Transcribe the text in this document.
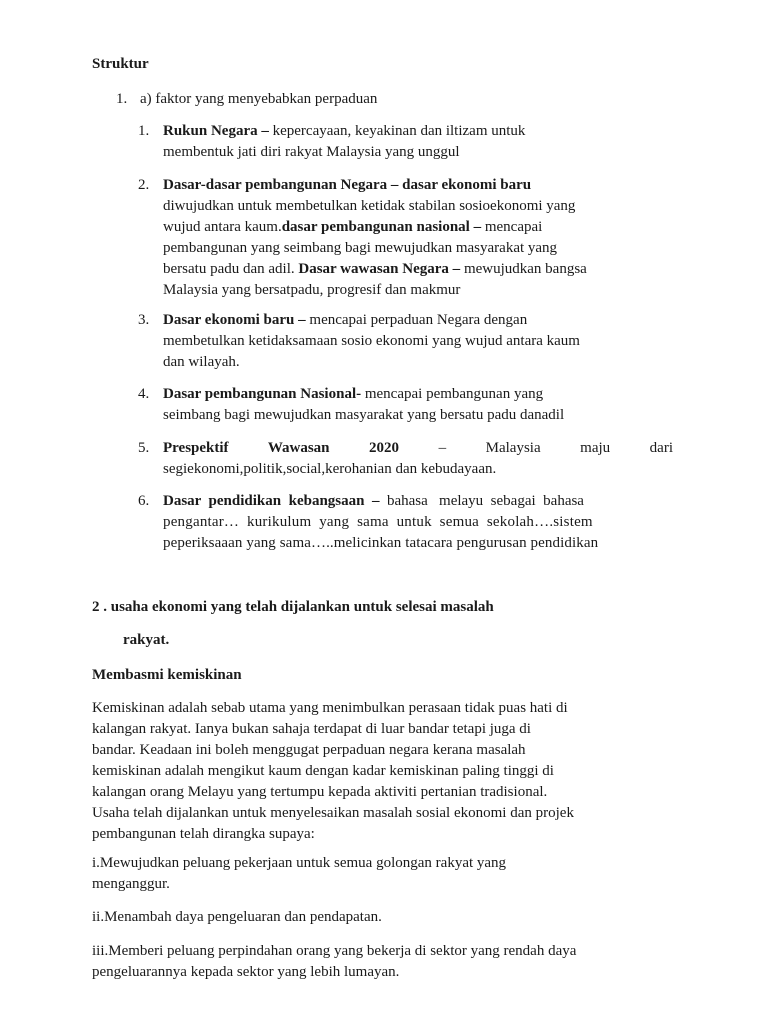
Struktur
1. a) faktor yang menyebabkan perpaduan
1. Rukun Negara – kepercayaan, keyakinan dan iltizam untuk
membentuk jati diri rakyat Malaysia yang unggul
2. Dasar-dasar pembangunan Negara – dasar ekonomi baru
diwujudkan untuk membetulkan ketidak stabilan sosioekonomi yang
wujud antara kaum.dasar pembangunan nasional – mencapai
pembangunan yang seimbang bagi mewujudkan masyarakat yang
bersatu padu dan adil. Dasar wawasan Negara – mewujudkan bangsa
Malaysia yang bersatpadu, progresif dan makmur
3. Dasar ekonomi baru – mencapai perpaduan Negara dengan
membetulkan ketidaksamaan sosio ekonomi yang wujud antara kaum
dan wilayah.
4. Dasar pembangunan Nasional- mencapai pembangunan yang
seimbang bagi mewujudkan masyarakat yang bersatu padu danadil
5. Prespektif   Wawasan   2020   –   Malaysia   maju   dari
segiekonomi,politik,social,kerohanian dan kebudayaan.
6. Dasar  pendidikan  kebangsaan  –  bahasa   melayu  sebagai  bahasa
pengantar…  kurikulum  yang  sama  untuk  semua  sekolah….sistem
peperiksaaan yang sama…..melicinkan tatacara pengurusan pendidikan
2 . usaha ekonomi yang telah dijalankan untuk selesai masalah
rakyat.
Membasmi kemiskinan
Kemiskinan adalah sebab utama yang menimbulkan perasaan tidak puas hati di
kalangan rakyat. Ianya bukan sahaja terdapat di luar bandar tetapi juga di
bandar. Keadaan ini boleh menggugat perpaduan negara kerana masalah
kemiskinan adalah mengikut kaum dengan kadar kemiskinan paling tinggi di
kalangan orang Melayu yang tertumpu kepada aktiviti pertanian tradisional.
Usaha telah dijalankan untuk menyelesaikan masalah sosial ekonomi dan projek
pembangunan telah dirangka supaya:
i.Mewujudkan peluang pekerjaan untuk semua golongan rakyat yang
menganggur.
ii.Menambah daya pengeluaran dan pendapatan.
iii.Memberi peluang perpindahan orang yang bekerja di sektor yang rendah daya
pengeluarannya kepada sektor yang lebih lumayan.
